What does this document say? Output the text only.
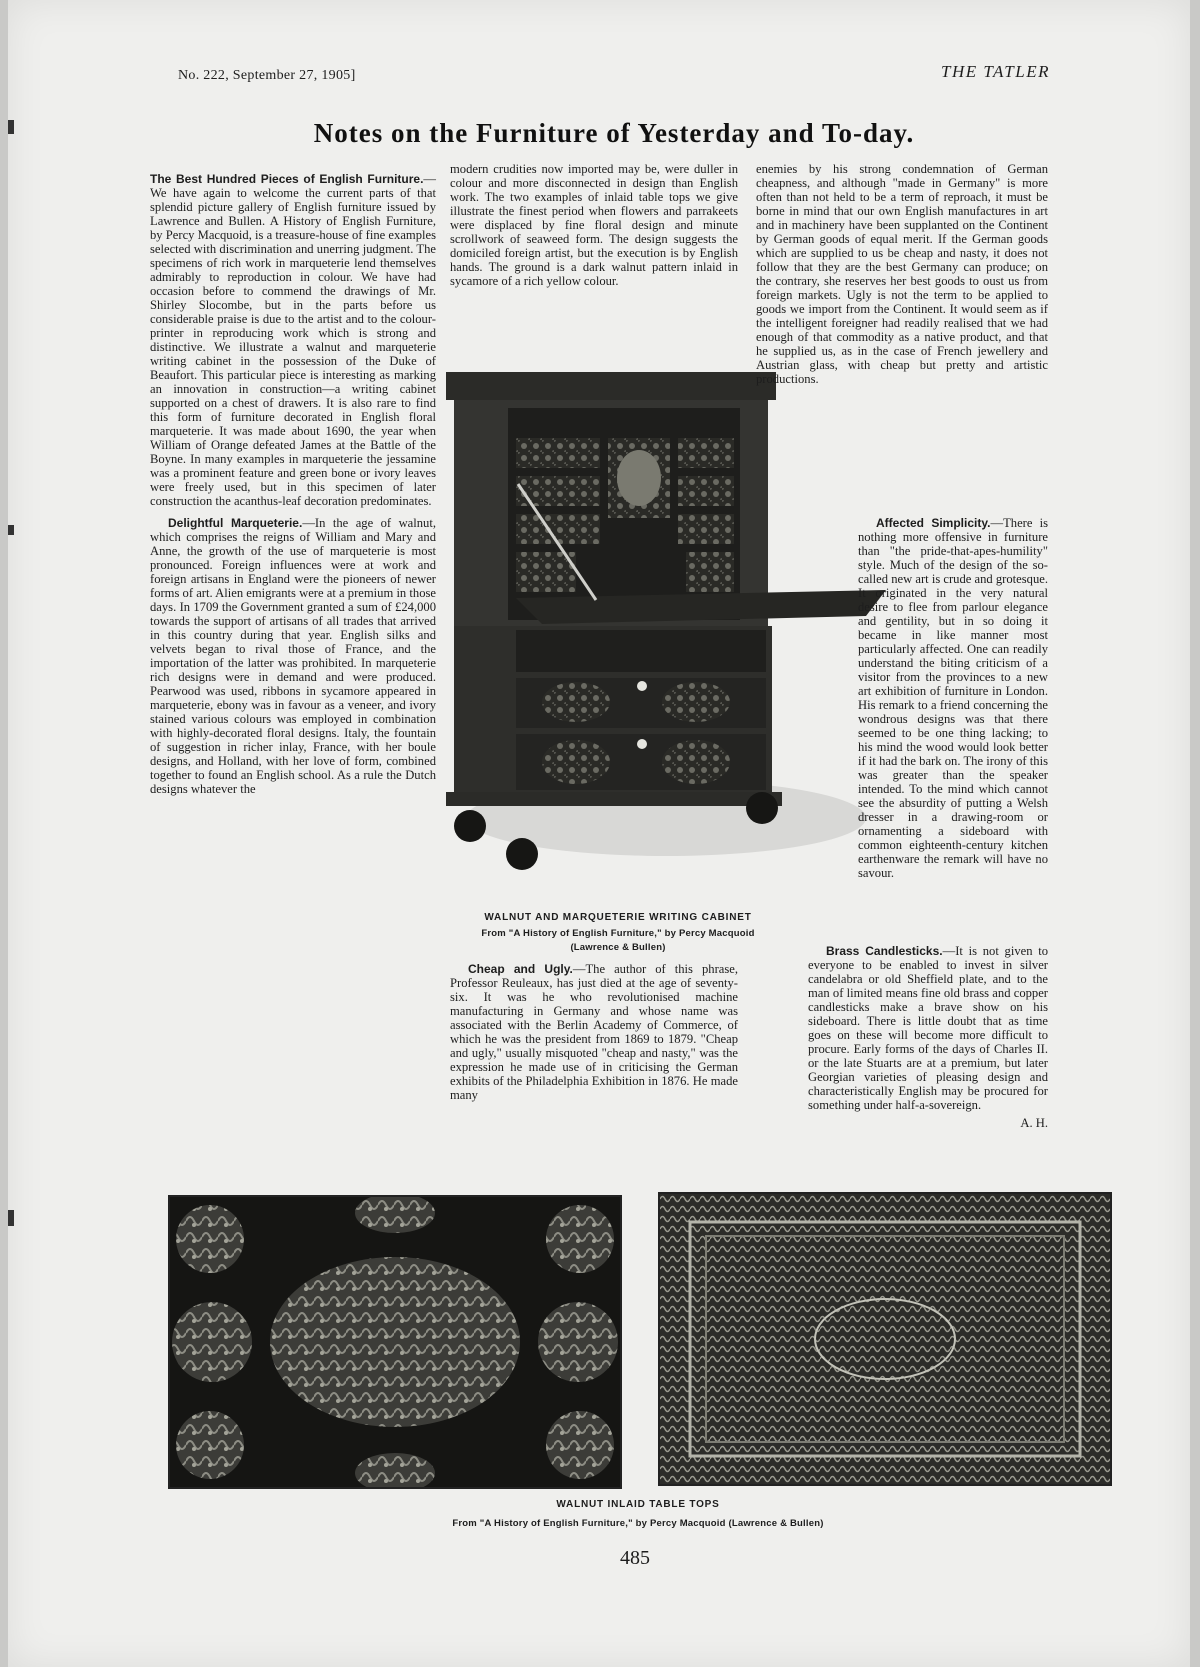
No. 222, September 27, 1905]	THE TATLER
Notes on the Furniture of Yesterday and To-day.

The Best Hundred Pieces of English Furniture.—We have again to welcome the current parts of that splendid picture gallery of English furniture issued by Lawrence and Bullen. A History of English Furniture, by Percy Macquoid, is a treasure-house of fine examples selected with discrimination and unerring judgment. The specimens of rich work in marqueterie lend themselves admirably to reproduction in colour. We have had occasion before to commend the drawings of Mr. Shirley Slocombe, but in the parts before us considerable praise is due to the artist and to the colour-printer in reproducing work which is strong and distinctive. We illustrate a walnut and marqueterie writing cabinet in the possession of the Duke of Beaufort. This particular piece is interesting as marking an innovation in construction—a writing cabinet supported on a chest of drawers. It is also rare to find this form of furniture decorated in English floral marqueterie. It was made about 1690, the year when William of Orange defeated James at the Battle of the Boyne. In many examples in marqueterie the jessamine was a prominent feature and green bone or ivory leaves were freely used, but in this specimen of later construction the acanthus-leaf decoration predominates.

Delightful Marqueterie.—In the age of walnut, which comprises the reigns of William and Mary and Anne, the growth of the use of marqueterie is most pronounced. Foreign influences were at work and foreign artisans in England were the pioneers of newer forms of art. Alien emigrants were at a premium in those days. In 1709 the Government granted a sum of £24,000 towards the support of artisans of all trades that arrived in this country during that year. English silks and velvets began to rival those of France, and the importation of the latter was prohibited. In marqueterie rich designs were in demand and were produced. Pearwood was used, ribbons in sycamore appeared in marqueterie, ebony was in favour as a veneer, and ivory stained various colours was employed in combination with highly-decorated floral designs. Italy, the fountain of suggestion in richer inlay, France, with her boule designs, and Holland, with her love of form, combined together to found an English school. As a rule the Dutch designs whatever the

modern crudities now imported may be, were duller in colour and more disconnected in design than English work. The two examples of inlaid table tops we give illustrate the finest period when flowers and parrakeets were displaced by fine floral design and minute scrollwork of seaweed form. The design suggests the domiciled foreign artist, but the execution is by English hands. The ground is a dark walnut pattern inlaid in sycamore of a rich yellow colour.

WALNUT AND MARQUETERIE WRITING CABINET
From "A History of English Furniture," by Percy Macquoid
(Lawrence & Bullen)

Cheap and Ugly.—The author of this phrase, Professor Reuleaux, has just died at the age of seventy-six. It was he who revolutionised machine manufacturing in Germany and whose name was associated with the Berlin Academy of Commerce, of which he was the president from 1869 to 1879. "Cheap and ugly," usually misquoted "cheap and nasty," was the expression he made use of in criticising the German exhibits of the Philadelphia Exhibition in 1876. He made many

enemies by his strong condemnation of German cheapness, and although "made in Germany" is more often than not held to be a term of reproach, it must be borne in mind that our own English manufactures in art and in machinery have been supplanted on the Continent by German goods of equal merit. If the German goods which are supplied to us be cheap and nasty, it does not follow that they are the best Germany can produce; on the contrary, she reserves her best goods to oust us from foreign markets. Ugly is not the term to be applied to goods we import from the Continent. It would seem as if the intelligent foreigner had readily realised that we had enough of that commodity as a native product, and that he supplied us, as in the case of French jewellery and Austrian glass, with cheap but pretty and artistic productions.

Affected Simplicity.—There is nothing more offensive in furniture than "the pride-that-apes-humility" style. Much of the design of the so-called new art is crude and grotesque. It originated in the very natural desire to flee from parlour elegance and gentility, but in so doing it became in like manner most particularly affected. One can readily understand the biting criticism of a visitor from the provinces to a new art exhibition of furniture in London. His remark to a friend concerning the wondrous designs was that there seemed to be one thing lacking; to his mind the wood would look better if it had the bark on. The irony of this was greater than the speaker intended. To the mind which cannot see the absurdity of putting a Welsh dresser in a drawing-room or ornamenting a sideboard with common eighteenth-century kitchen earthenware the remark will have no savour.

Brass Candlesticks.—It is not given to everyone to be enabled to invest in silver candelabra or old Sheffield plate, and to the man of limited means fine old brass and copper candlesticks make a brave show on his sideboard. There is little doubt that as time goes on these will become more difficult to procure. Early forms of the days of Charles II. or the late Stuarts are at a premium, but later Georgian varieties of pleasing design and characteristically English may be procured for something under half-a-sovereign.

A. H.
WALNUT INLAID TABLE TOPS
From "A History of English Furniture," by Percy Macquoid (Lawrence & Bullen)
485
